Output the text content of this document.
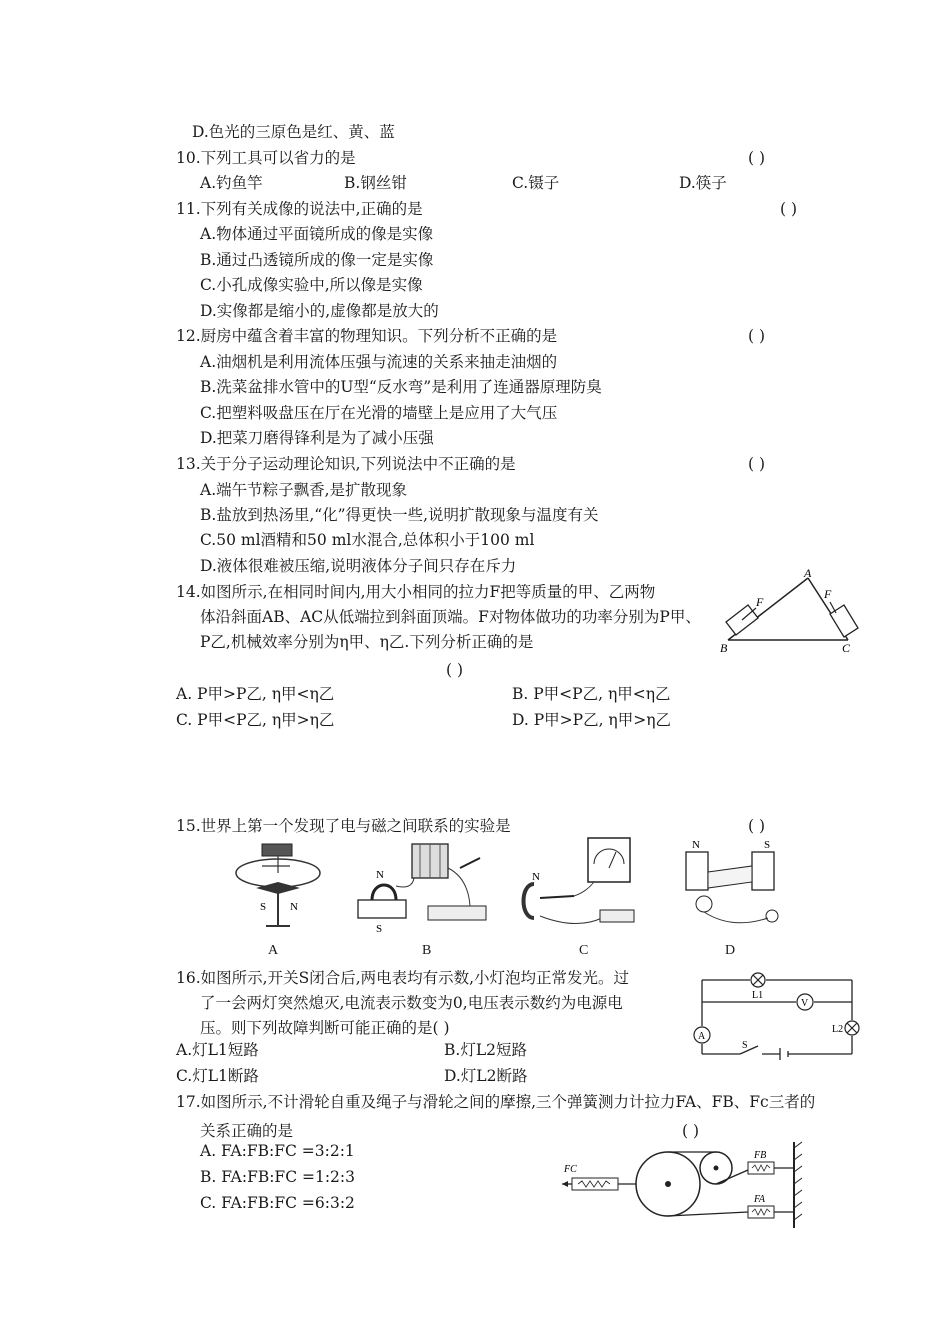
D.色光的三原色是红、黄、蓝
10.下列工具可以省力的是	( )
A.钓鱼竿	B.钢丝钳	C.镊子	D.筷子
11.下列有关成像的说法中,正确的是	( )
A.物体通过平面镜所成的像是实像
B.通过凸透镜所成的像一定是实像
C.小孔成像实验中,所以像是实像
D.实像都是缩小的,虚像都是放大的
12.厨房中蕴含着丰富的物理知识。下列分析不正确的是	( )
A.油烟机是利用流体压强与流速的关系来抽走油烟的
B.洗菜盆排水管中的U型“反水弯”是利用了连通器原理防臭
C.把塑料吸盘压在厅在光滑的墙壁上是应用了大气压
D.把菜刀磨得锋利是为了减小压强
13.关于分子运动理论知识,下列说法中不正确的是	( )
A.端午节粽子飘香,是扩散现象
B.盐放到热汤里,“化”得更快一些,说明扩散现象与温度有关
C.50 ml酒精和50 ml水混合,总体积小于100 ml
D.液体很难被压缩,说明液体分子间只存在斥力
14.如图所示,在相同时间内,用大小相同的拉力F把等质量的甲、乙两物
体沿斜面AB、AC从低端拉到斜面顶端。F对物体做功的功率分别为P甲、
P乙,机械效率分别为η甲、η乙.下列分析正确的是
( )
A. P甲>P乙, η甲<η乙	B. P甲<P乙, η甲<η乙
C. P甲<P乙, η甲>η乙	D. P甲>P乙, η甲>η乙
F
F
A
B	C
15.世界上第一个发现了电与磁之间联系的实验是	( )
S N
N
S
N
N	S
A	B	C	D
16.如图所示,开关S闭合后,两电表均有示数,小灯泡均正常发光。过
了一会两灯突然熄灭,电流表示数变为0,电压表示数约为电源电
压。则下列故障判断可能正确的是( )
A.灯L1短路	B.灯L2短路
C.灯L1断路	D.灯L2断路
V
A
L1
L2
S
17.如图所示,不计滑轮自重及绳子与滑轮之间的摩擦,三个弹簧测力计拉力FA、FB、Fc三者的
关系正确的是	( )
A. FA:FB:FC =3:2:1
B. FA:FB:FC =1:2:3
C. FA:FB:FC =6:3:2
FC
FB
FA
